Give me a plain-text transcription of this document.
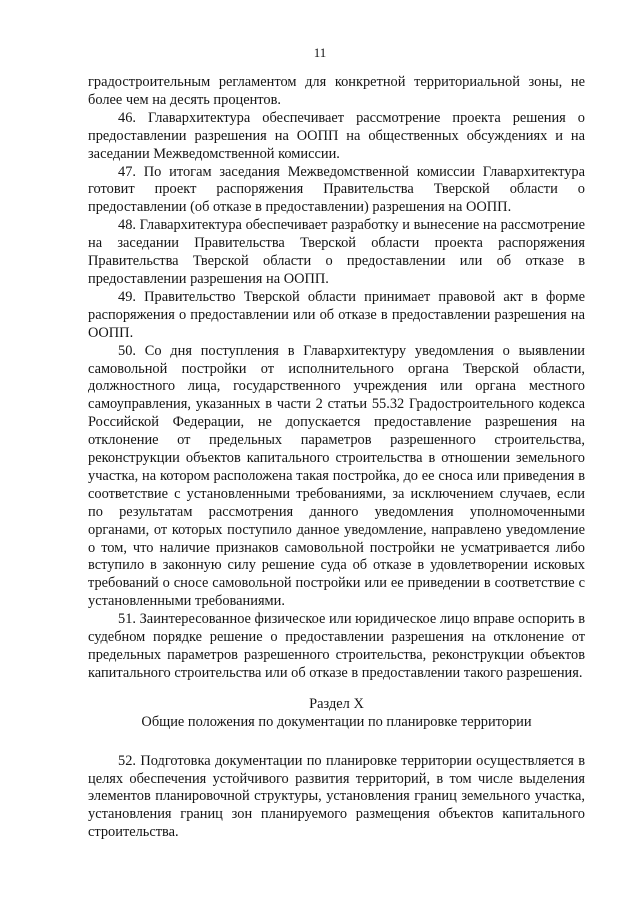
11

градостроительным регламентом для конкретной территориальной зоны, не более чем на десять процентов.

46. Главархитектура обеспечивает рассмотрение проекта решения о предоставлении разрешения на ООПП на общественных обсуждениях и на заседании Межведомственной комиссии.

47. По итогам заседания Межведомственной комиссии Главархитектура готовит проект распоряжения Правительства Тверской области о предоставлении (об отказе в предоставлении) разрешения на ООПП.

48. Главархитектура обеспечивает разработку и вынесение на рассмотрение на заседании Правительства Тверской области проекта распоряжения Правительства Тверской области о предоставлении или об отказе в предоставлении разрешения на ООПП.

49. Правительство Тверской области принимает правовой акт в форме распоряжения о предоставлении или об отказе в предоставлении разрешения на ООПП.

50. Со дня поступления в Главархитектуру уведомления о выявлении самовольной постройки от исполнительного органа Тверской области, должностного лица, государственного учреждения или органа местного самоуправления, указанных в части 2 статьи 55.32 Градостроительного кодекса Российской Федерации, не допускается предоставление разрешения на отклонение от предельных параметров разрешенного строительства, реконструкции объектов капитального строительства в отношении земельного участка, на котором расположена такая постройка, до ее сноса или приведения в соответствие с установленными требованиями, за исключением случаев, если по результатам рассмотрения данного уведомления уполномоченными органами, от которых поступило данное уведомление, направлено уведомление о том, что наличие признаков самовольной постройки не усматривается либо вступило в законную силу решение суда об отказе в удовлетворении исковых требований о сносе самовольной постройки или ее приведении в соответствие с установленными требованиями.

51. Заинтересованное физическое или юридическое лицо вправе оспорить в судебном порядке решение о предоставлении разрешения на отклонение от предельных параметров разрешенного строительства, реконструкции объектов капитального строительства или об отказе в предоставлении такого разрешения.

Раздел X

Общие положения по документации по планировке территории

52. Подготовка документации по планировке территории осуществляется в целях обеспечения устойчивого развития территорий, в том числе выделения элементов планировочной структуры, установления границ земельного участка, установления границ зон планируемого размещения объектов капитального строительства.
